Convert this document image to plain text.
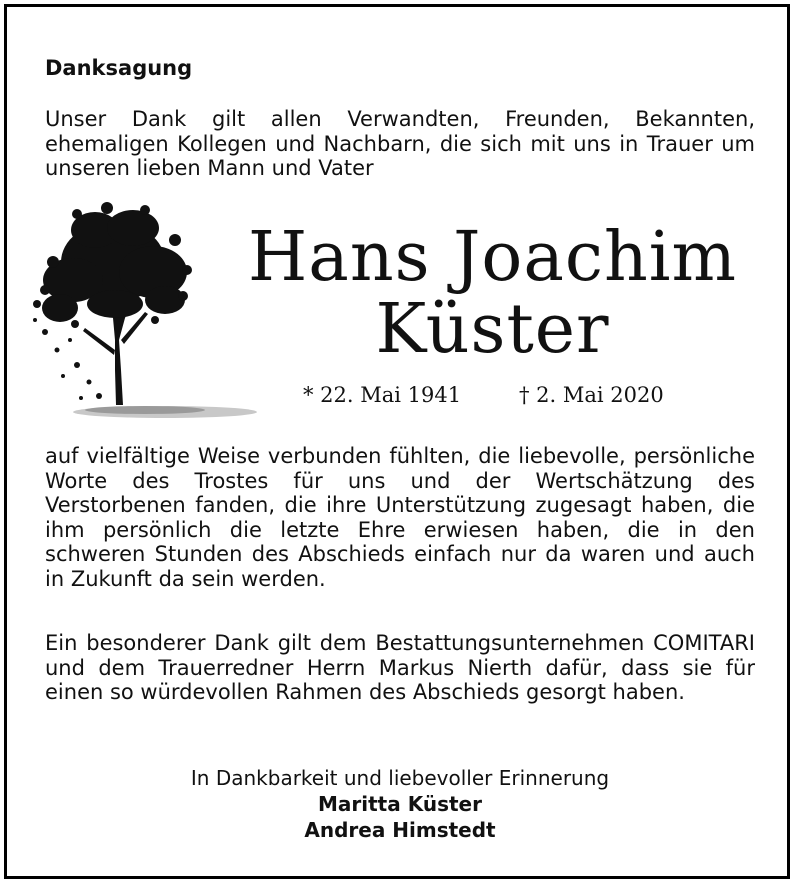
Danksagung
Unser Dank gilt allen Verwandten, Freunden, Bekannten, ehemaligen Kollegen und Nachbarn, die sich mit uns in Trauer um unseren lieben Mann und Vater
Hans Joachim
Küster
* 22. Mai 1941	† 2. Mai 2020
auf vielfältige Weise verbunden fühlten, die liebevolle, persönliche Worte des Trostes für uns und der Wertschätzung des Verstorbenen fanden, die ihre Unterstützung zugesagt haben, die ihm persönlich die letzte Ehre erwiesen haben, die in den schweren Stunden des Abschieds einfach nur da waren und auch in Zukunft da sein werden.
Ein besonderer Dank gilt dem Bestattungsunternehmen COMITARI und dem Trauerredner Herrn Markus Nierth dafür, dass sie für einen so würdevollen Rahmen des Abschieds gesorgt haben.
In Dankbarkeit und liebevoller Erinnerung
Maritta Küster
Andrea Himstedt
